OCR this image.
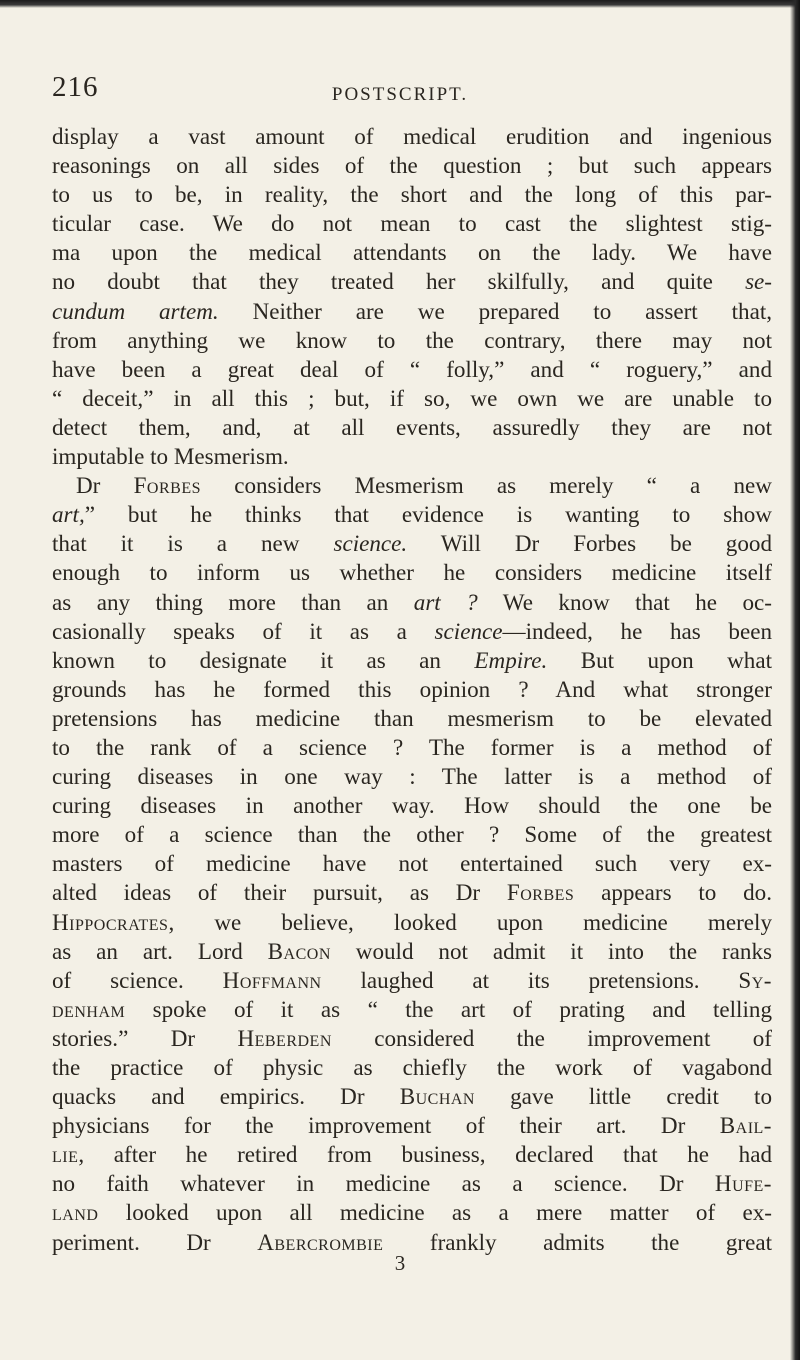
216	POSTSCRIPT.
display a vast amount of medical erudition and ingenious
reasonings on all sides of the question ; but such appears
to us to be, in reality, the short and the long of this par-
ticular case. We do not mean to cast the slightest stig-
ma upon the medical attendants on the lady. We have
no doubt that they treated her skilfully, and quite se-
cundum artem. Neither are we prepared to assert that,
from anything we know to the contrary, there may not
have been a great deal of “ folly,” and “ roguery,” and
“ deceit,” in all this ; but, if so, we own we are unable to
detect them, and, at all events, assuredly they are not
imputable to Mesmerism.
Dr Forbes considers Mesmerism as merely “ a new
art,” but he thinks that evidence is wanting to show
that it is a new science. Will Dr Forbes be good
enough to inform us whether he considers medicine itself
as any thing more than an art ? We know that he oc-
casionally speaks of it as a science—indeed, he has been
known to designate it as an Empire. But upon what
grounds has he formed this opinion ? And what stronger
pretensions has medicine than mesmerism to be elevated
to the rank of a science ? The former is a method of
curing diseases in one way : The latter is a method of
curing diseases in another way. How should the one be
more of a science than the other ? Some of the greatest
masters of medicine have not entertained such very ex-
alted ideas of their pursuit, as Dr Forbes appears to do.
Hippocrates, we believe, looked upon medicine merely
as an art. Lord Bacon would not admit it into the ranks
of science. Hoffmann laughed at its pretensions. Sy-
denham spoke of it as “ the art of prating and telling
stories.” Dr Heberden considered the improvement of
the practice of physic as chiefly the work of vagabond
quacks and empirics. Dr Buchan gave little credit to
physicians for the improvement of their art. Dr Bail-
lie, after he retired from business, declared that he had
no faith whatever in medicine as a science. Dr Hufe-
land looked upon all medicine as a mere matter of ex-
periment. Dr Abercrombie frankly admits the great
3
